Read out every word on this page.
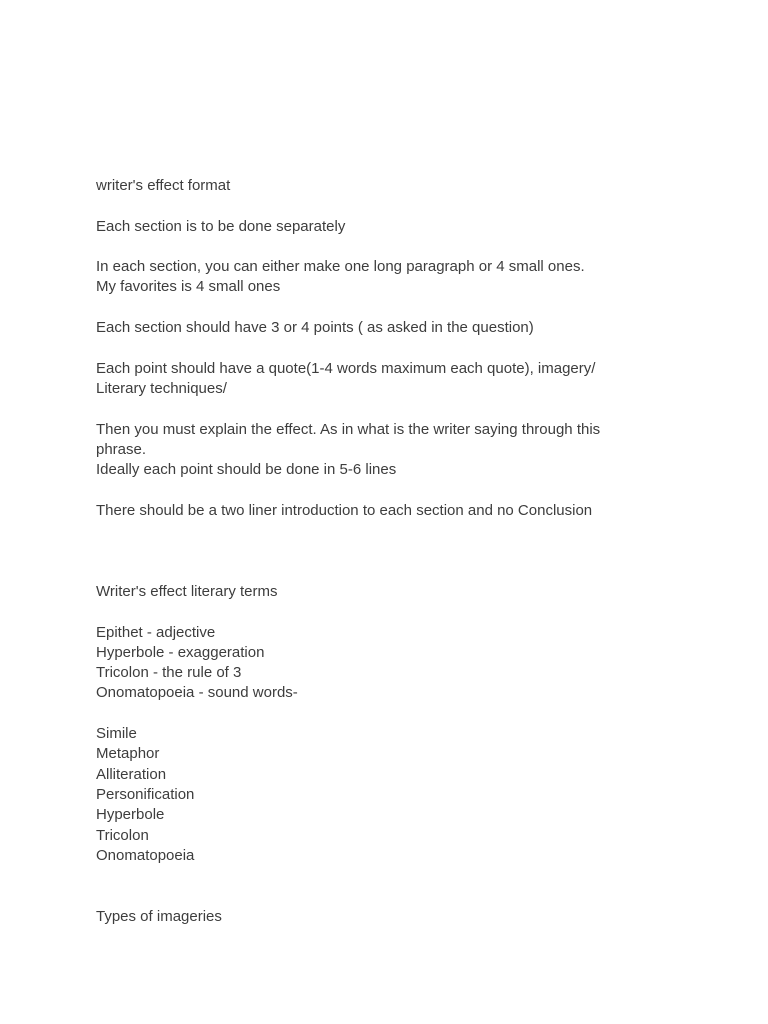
writer's effect format
Each section is to be done separately
In each section, you can either make one long paragraph or 4 small ones.
My favorites is 4 small ones
Each section should have 3 or 4 points ( as asked in the question)
Each point should have a quote(1-4 words maximum each quote), imagery/
Literary techniques/
Then you must explain the effect. As in what is the writer saying through this
phrase.
Ideally each point should be done in 5-6 lines
There should be a two liner introduction to each section and no Conclusion
Writer's effect literary terms
Epithet - adjective
Hyperbole - exaggeration
Tricolon - the rule of 3
Onomatopoeia - sound words-
Simile
Metaphor
Alliteration
Personification
Hyperbole
Tricolon
Onomatopoeia
Types of imageries
